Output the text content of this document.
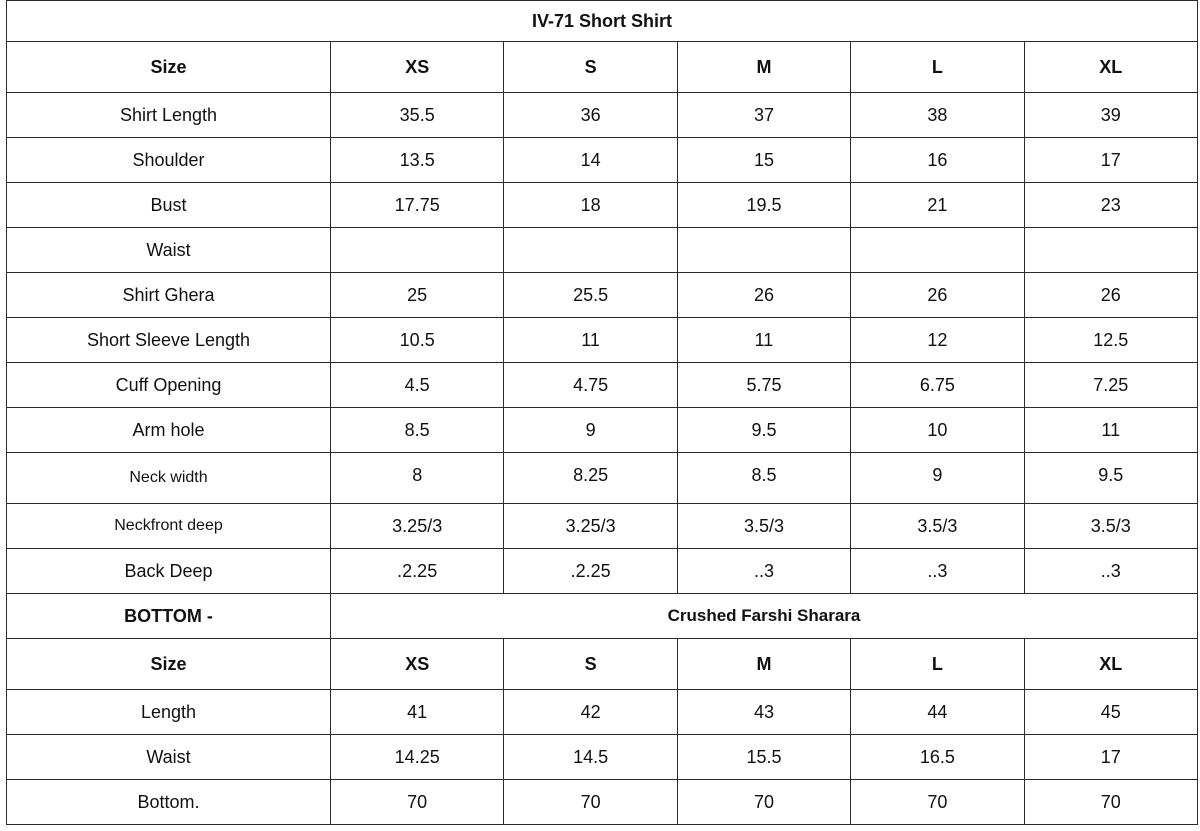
IV-71 Short Shirt					
Size	XS	S	M	L	XL
Shirt Length	35.5	36	37	38	39
Shoulder	13.5	14	15	16	17
Bust	17.75	18	19.5	21	23
Waist					
Shirt Ghera	25	25.5	26	26	26
Short Sleeve Length	10.5	11	11	12	12.5
Cuff Opening	4.5	4.75	5.75	6.75	7.25
Arm hole	8.5	9	9.5	10	11
Neck width	8	8.25	8.5	9	9.5
Neckfront deep	3.25/3	3.25/3	3.5/3	3.5/3	3.5/3
Back Deep	.2.25	.2.25	..3	..3	..3
BOTTOM -	Crushed Farshi Sharara				
Size	XS	S	M	L	XL
Length	41	42	43	44	45
Waist	14.25	14.5	15.5	16.5	17
Bottom.	70	70	70	70	70
